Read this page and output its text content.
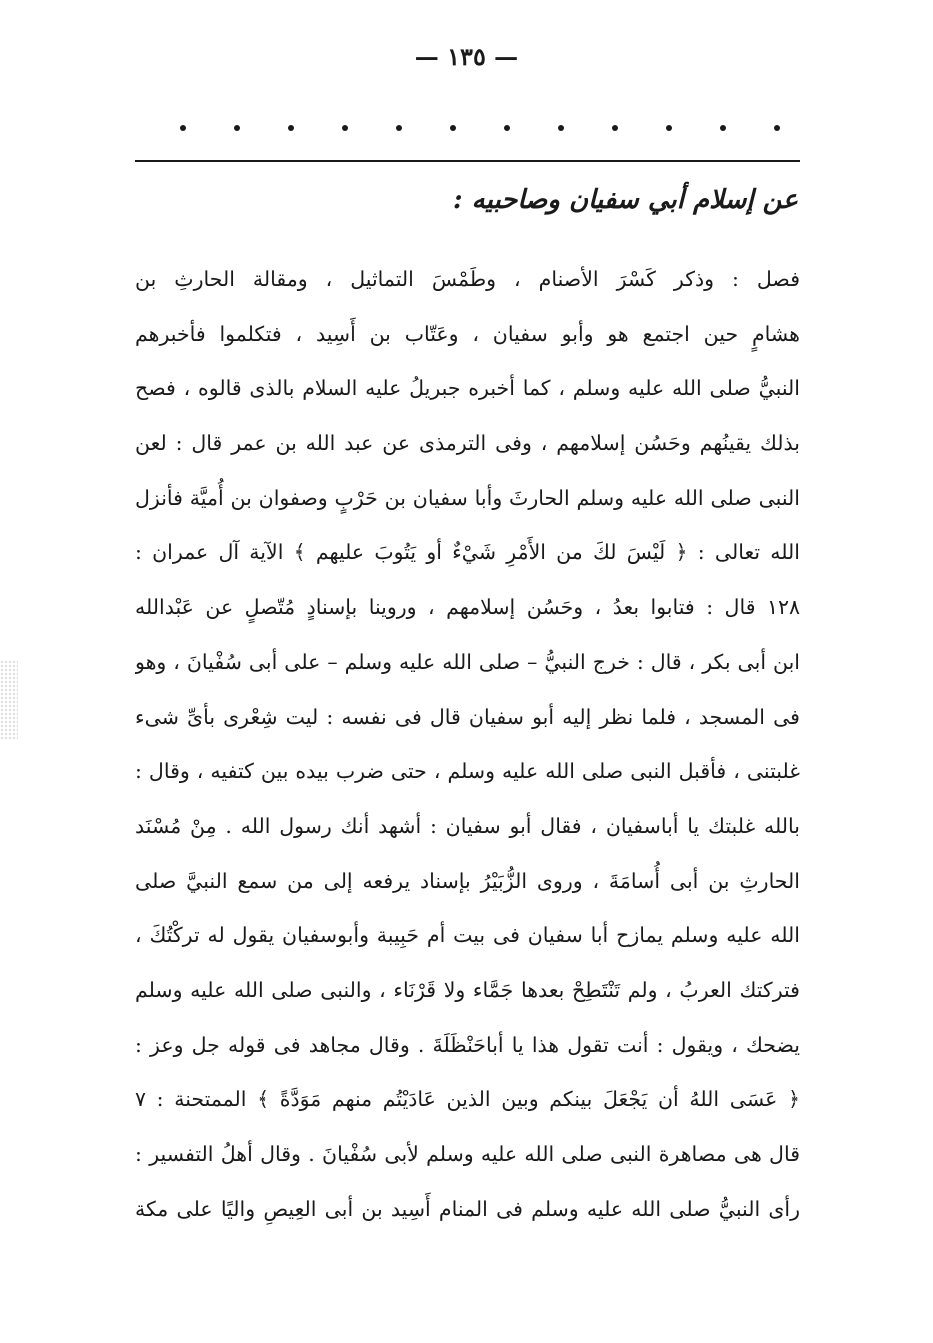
— ١٣٥ —
عن إسلام أبي سفيان وصاحبيه :
فصل : وذكر كَسْرَ الأصنام ، وطَمْسَ التماثيل ، ومقالة الحارثِ بن
هشامٍ حين اجتمع هو وأبو سفيان ، وعَتّاب بن أَسِيد ، فتكلموا فأخبرهم
النبيُّ صلى الله عليه وسلم ، كما أخبره جبريلُ عليه السلام بالذى قالوه ، فصح
بذلك يقينُهم وحَسُن إسلامهم ، وفى الترمذى عن عبد الله بن عمر قال : لعن
النبى صلى الله عليه وسلم الحارثَ وأبا سفيان بن حَرْبٍ وصفوان بن أُميَّة فأنزل
الله تعالى : ﴿ لَيْسَ لكَ من الأَمْرِ شَيْءٌ أو يَتُوبَ عليهم ﴾ الآية آل عمران :
١٢٨ قال : فتابوا بعدُ ، وحَسُن إسلامهم ، وروينا بإسنادٍ مُتّصلٍ عن عَبْدالله
ابن أبى بكر ، قال : خرج النبيُّ – صلى الله عليه وسلم – على أبى سُفْيانَ ، وهو
فى المسجد ، فلما نظر إليه أبو سفيان قال فى نفسه : ليت شِعْرى بأىِّ شىء
غلبتنى ، فأقبل النبى صلى الله عليه وسلم ، حتى ضرب بيده بين كتفيه ، وقال :
بالله غلبتك يا أباسفيان ، فقال أبو سفيان : أشهد أنك رسول الله . مِنْ مُسْنَد
الحارثِ بن أبى أُسامَةَ ، وروى الزُّبَيْرُ بإسناد يرفعه إلى من سمع النبيَّ صلى
الله عليه وسلم يمازح أبا سفيان فى بيت أم حَبِيبة وأبوسفيان يقول له تركْتُكَ ،
فتركتك العربُ ، ولم تَنْتَطِحْ بعدها جَمَّاء ولا قَرْنَاء ، والنبى صلى الله عليه وسلم
يضحك ، ويقول : أنت تقول هذا يا أباحَنْظَلَةَ . وقال مجاهد فى قوله جل وعز :
﴿ عَسَى اللهُ أن يَجْعَلَ بينكم وبين الذين عَادَيْتُم منهم مَوَدَّةً ﴾ الممتحنة : ٧
قال هى مصاهرة النبى صلى الله عليه وسلم لأبى سُفْيانَ . وقال أهلُ التفسير :
رأى النبيُّ صلى الله عليه وسلم فى المنام أَسِيد بن أبى العِيصِ واليًا على مكة
